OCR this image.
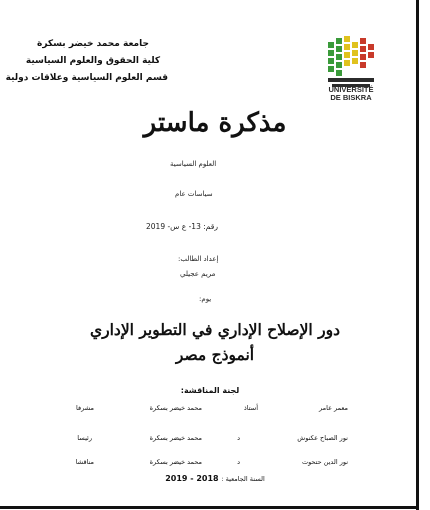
جامعة محمد خيضر بسكرة
كلية الحقوق والعلوم السياسية
قسم العلوم السياسية وعلاقات دولية
UNIVERSITÉ
DE BISKRA
مذكرة ماستر
العلوم السياسية
سياسات عام
رقم: 13- ع س- 2019
إعداد الطالب:
مريم عجيلي
يوم:
دور الإصلاح الإداري في التطوير الإداري
أنموذج مصر
لجنة المناقشة:
معمر عامر
أستاذ
محمد خيضر بسكرة
مشرفا
نور الصباح عكنوش
د
محمد خيضر بسكرة
رئيسا
نور الدين حتحوت
د
محمد خيضر بسكرة
مناقشا
السنة الجامعية : 2018 - 2019
